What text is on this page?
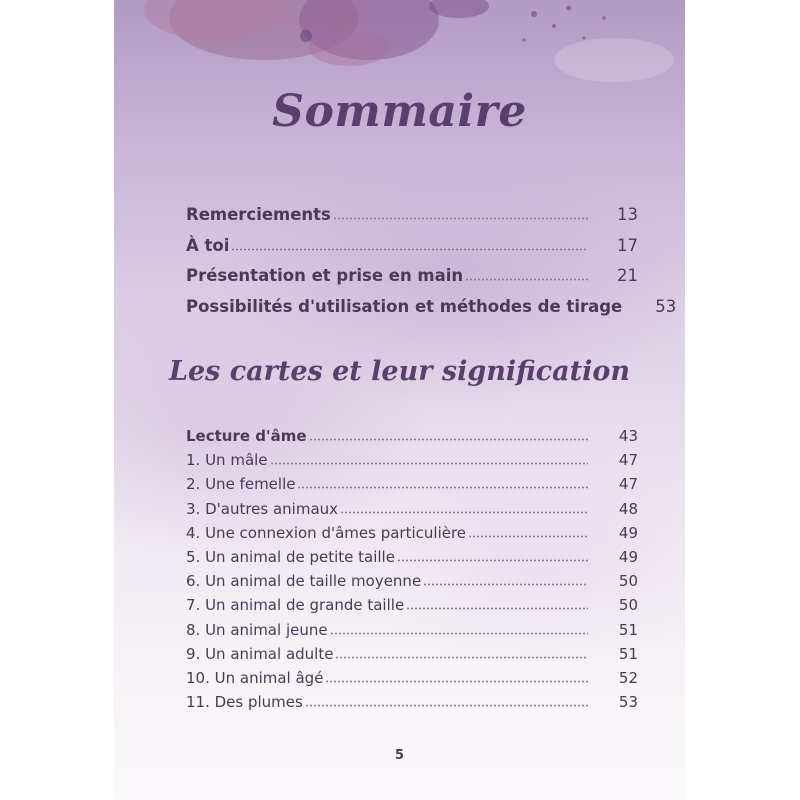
Sommaire
Remerciements	13
À toi	17
Présentation et prise en main	21
Possibilités d'utilisation et méthodes de tirage	53
Les cartes et leur signification
Lecture d'âme	43
1. Un mâle	47
2. Une femelle	47
3. D'autres animaux	48
4. Une connexion d'âmes particulière	49
5. Un animal de petite taille	49
6. Un animal de taille moyenne	50
7. Un animal de grande taille	50
8. Un animal jeune	51
9. Un animal adulte	51
10. Un animal âgé	52
11. Des plumes	53
5
